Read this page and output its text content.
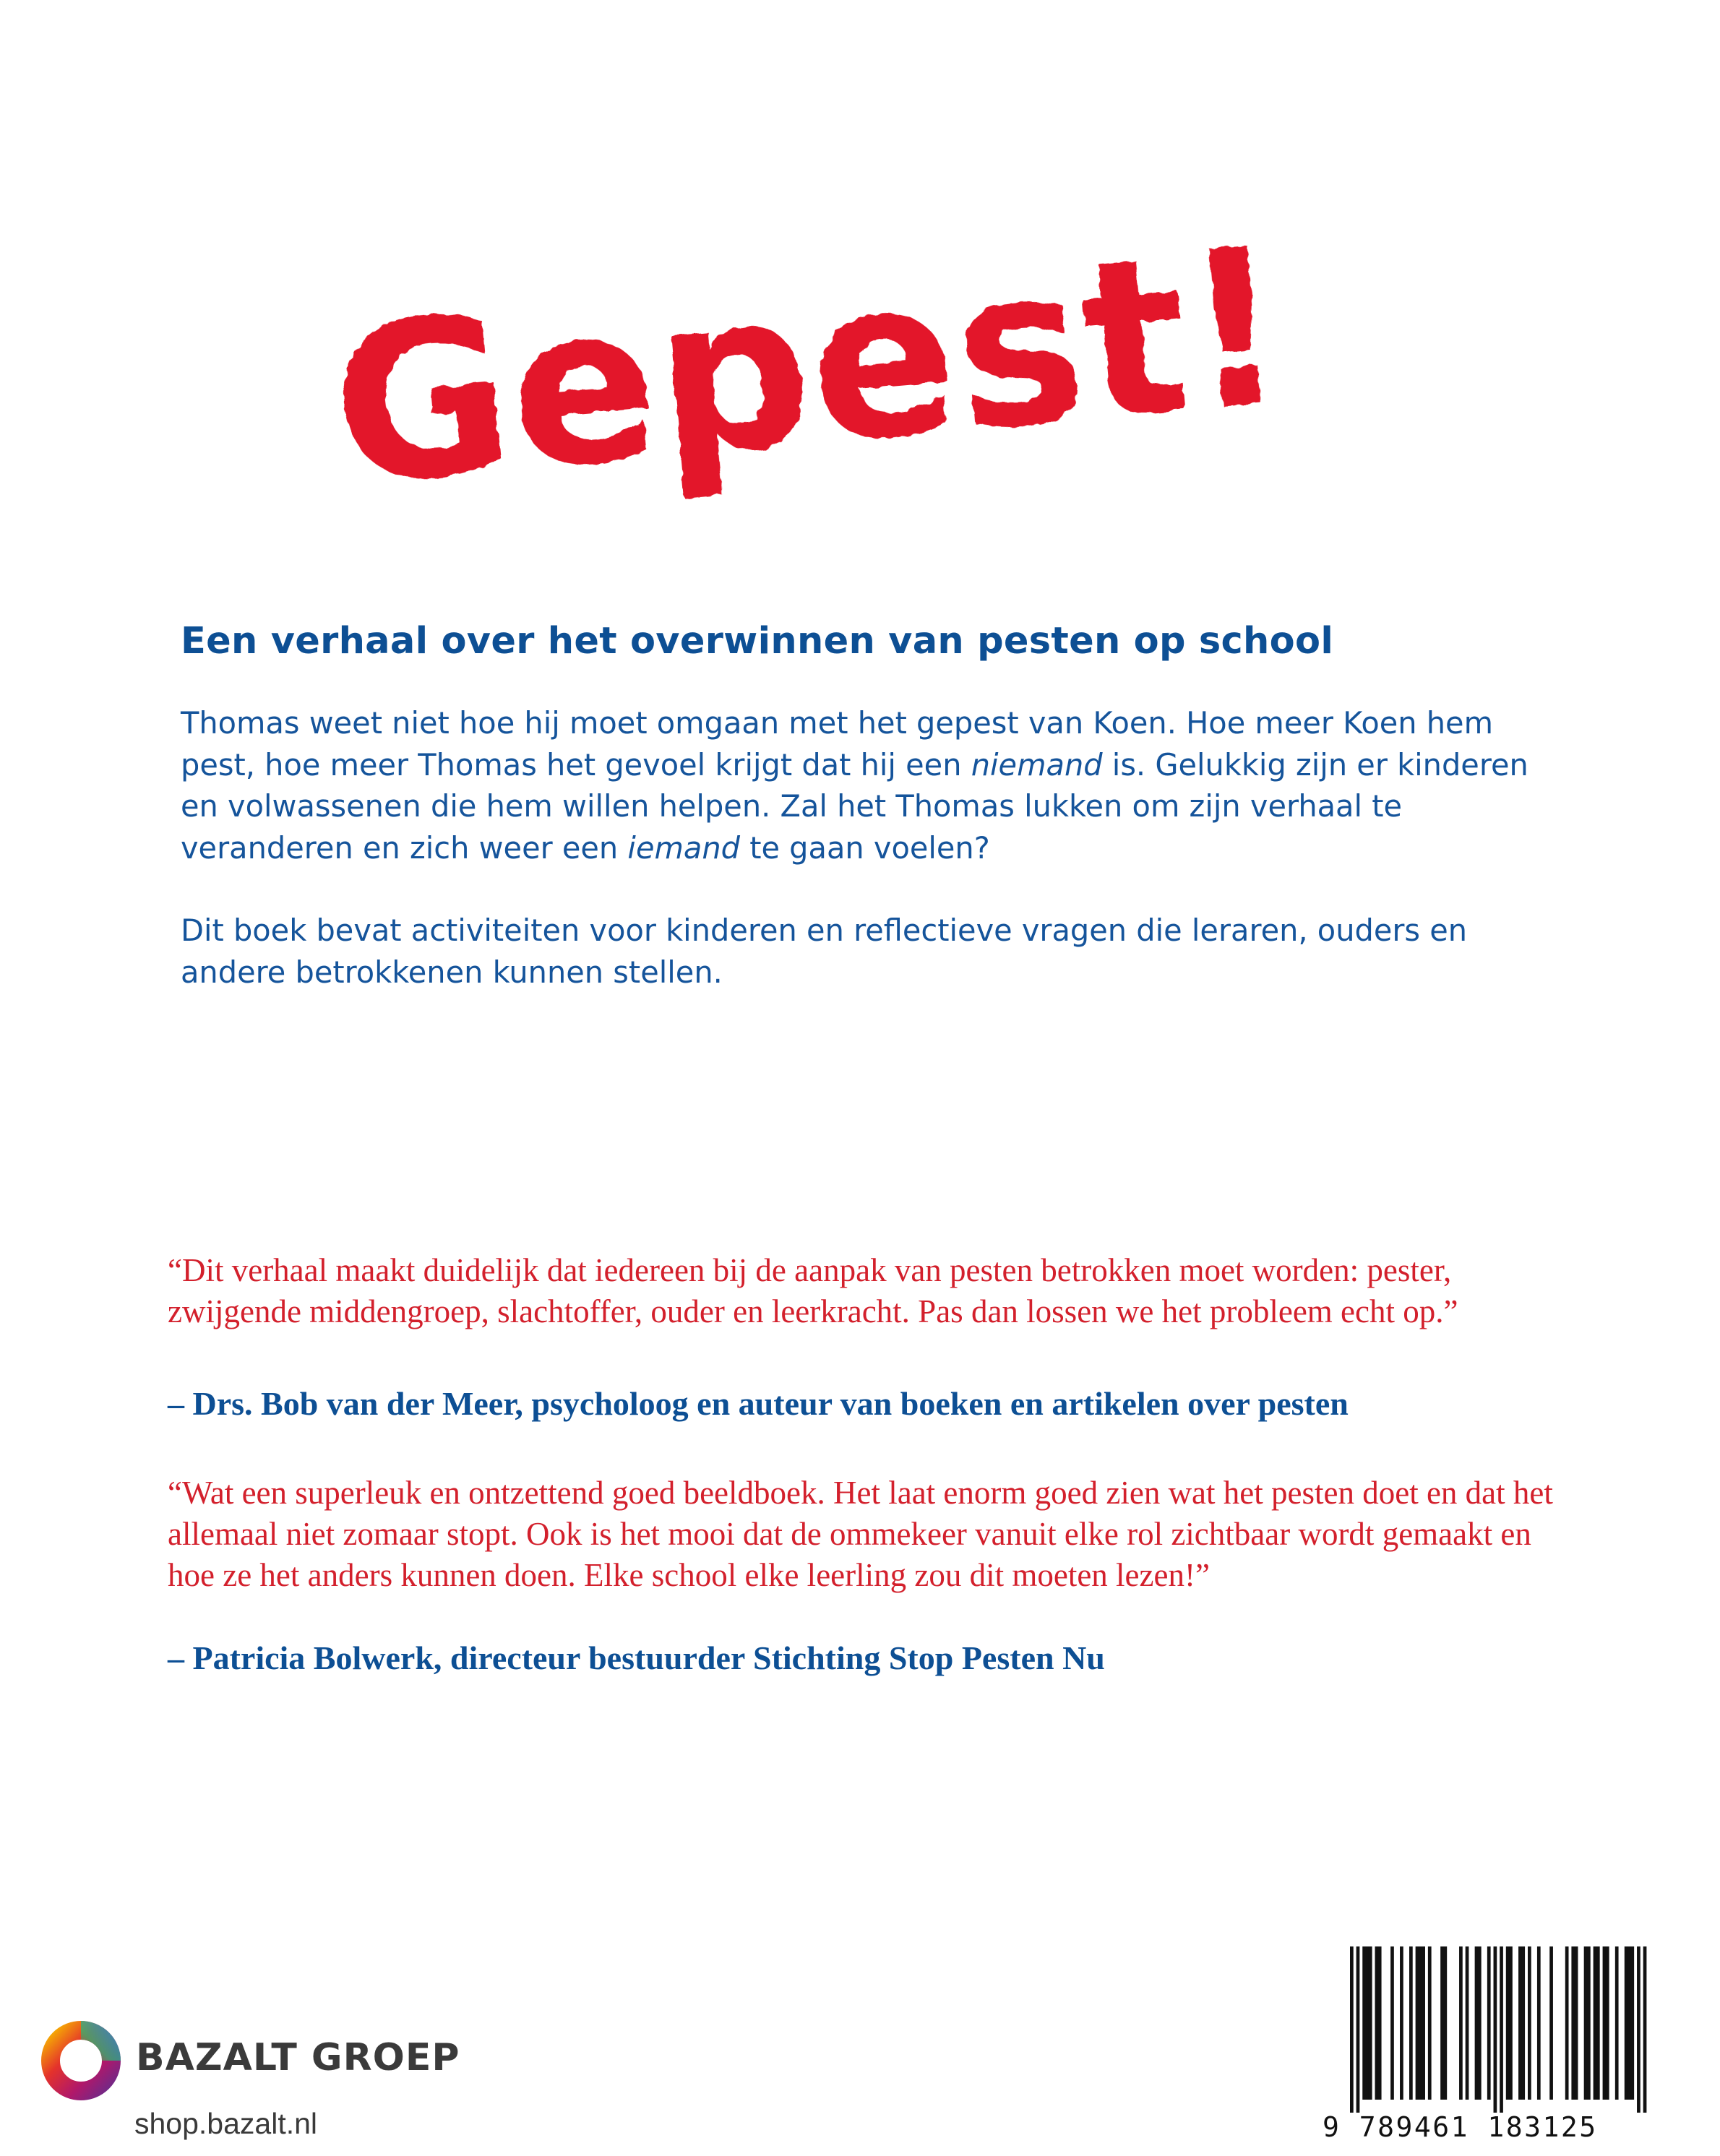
Gepest!
Een verhaal over het overwinnen van pesten op school

Thomas weet niet hoe hij moet omgaan met het gepest van Koen. Hoe meer Koen hem pest, hoe meer Thomas het gevoel krijgt dat hij een niemand is. Gelukkig zijn er kinderen en volwassenen die hem willen helpen. Zal het Thomas lukken om zijn verhaal te veranderen en zich weer een iemand te gaan voelen?

Dit boek bevat activiteiten voor kinderen en reflectieve vragen die leraren, ouders en andere betrokkenen kunnen stellen.

“Dit verhaal maakt duidelijk dat iedereen bij de aanpak van pesten betrokken moet worden: pester, zwijgende middengroep, slachtoffer, ouder en leerkracht. Pas dan lossen we het probleem echt op.”
– Drs. Bob van der Meer, psycholoog en auteur van boeken en artikelen over pesten
“Wat een superleuk en ontzettend goed beeldboek. Het laat enorm goed zien wat het pesten doet en dat het allemaal niet zomaar stopt. Ook is het mooi dat de ommekeer vanuit elke rol zichtbaar wordt gemaakt en hoe ze het anders kunnen doen. Elke school elke leerling zou dit moeten lezen!”
– Patricia Bolwerk, directeur bestuurder Stichting Stop Pesten Nu
BAZALT GROEP
shop.bazalt.nl	9 789461 183125
